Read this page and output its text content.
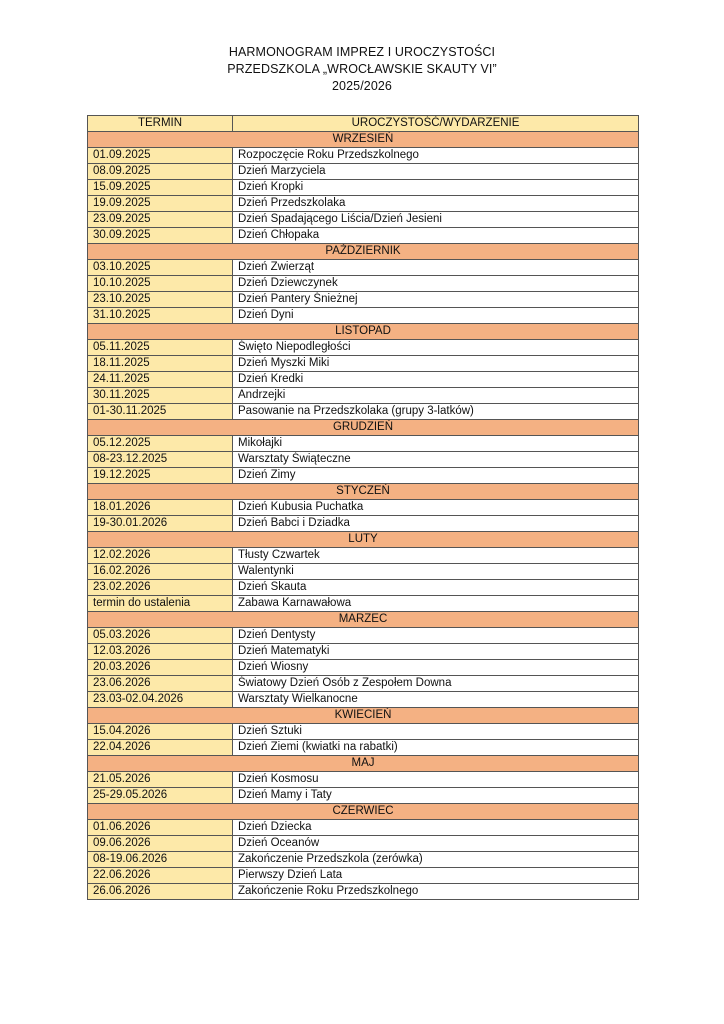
HARMONOGRAM IMPREZ I UROCZYSTOŚCI
PRZEDSZKOLA „WROCŁAWSKIE SKAUTY VI”
2025/2026
TERMIN	UROCZYSTOŚĆ/WYDARZENIE
WRZESIEŃ	
01.09.2025	Rozpoczęcie Roku Przedszkolnego
08.09.2025	Dzień Marzyciela
15.09.2025	Dzień Kropki
19.09.2025	Dzień Przedszkolaka
23.09.2025	Dzień Spadającego Liścia/Dzień Jesieni
30.09.2025	Dzień Chłopaka
PAŹDZIERNIK	
03.10.2025	Dzień Zwierząt
10.10.2025	Dzień Dziewczynek
23.10.2025	Dzień Pantery Śnieżnej
31.10.2025	Dzień Dyni
LISTOPAD	
05.11.2025	Święto Niepodległości
18.11.2025	Dzień Myszki Miki
24.11.2025	Dzień Kredki
30.11.2025	Andrzejki
01-30.11.2025	Pasowanie na Przedszkolaka (grupy 3-latków)
GRUDZIEŃ	
05.12.2025	Mikołajki
08-23.12.2025	Warsztaty Świąteczne
19.12.2025	Dzień Zimy
STYCZEŃ	
18.01.2026	Dzień Kubusia Puchatka
19-30.01.2026	Dzień Babci i Dziadka
LUTY	
12.02.2026	Tłusty Czwartek
16.02.2026	Walentynki
23.02.2026	Dzień Skauta
termin do ustalenia	Zabawa Karnawałowa
MARZEC	
05.03.2026	Dzień Dentysty
12.03.2026	Dzień Matematyki
20.03.2026	Dzień Wiosny
23.06.2026	Światowy Dzień Osób z Zespołem Downa
23.03-02.04.2026	Warsztaty Wielkanocne
KWIECIEŃ	
15.04.2026	Dzień Sztuki
22.04.2026	Dzień Ziemi (kwiatki na rabatki)
MAJ	
21.05.2026	Dzień Kosmosu
25-29.05.2026	Dzień Mamy i Taty
CZERWIEC	
01.06.2026	Dzień Dziecka
09.06.2026	Dzień Oceanów
08-19.06.2026	Zakończenie Przedszkola (zerówka)
22.06.2026	Pierwszy Dzień Lata
26.06.2026	Zakończenie Roku Przedszkolnego
